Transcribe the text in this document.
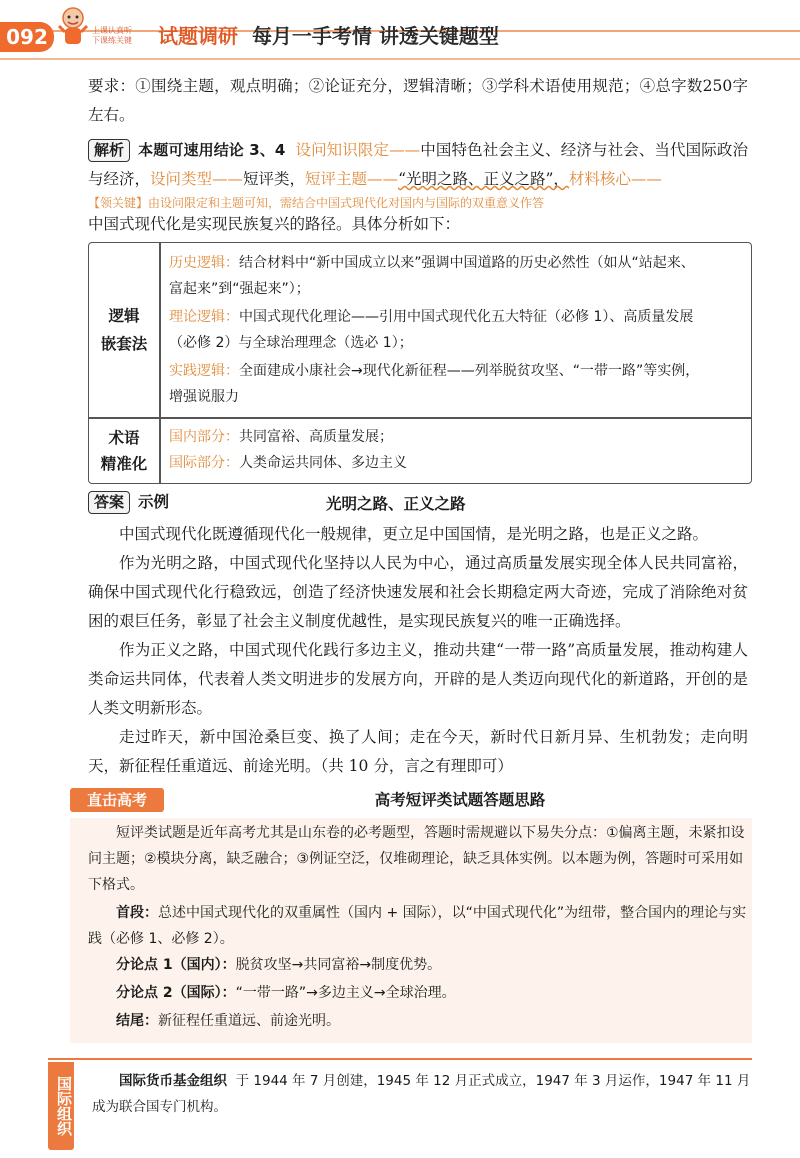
092	上课认真听
下课练关键 试题调研 每月一手考情 讲透关键题型
要求：①围绕主题，观点明确；②论证充分，逻辑清晰；③学科术语使用规范；④总字数250字左右。
解析 本题可速用结论 3、4 设问知识限定——中国特色社会主义、经济与社会、当代国际政治与经济，设问类型——短评类，短评主题——“光明之路、正义之路”，材料核心——
【领关键】由设问限定和主题可知，需结合中国式现代化对国内与国际的双重意义作答
中国式现代化是实现民族复兴的路径。具体分析如下：
逻辑
嵌套法
历史逻辑：结合材料中“新中国成立以来”强调中国道路的历史必然性（如从“站起来、
富起来”到“强起来”）；
理论逻辑：中国式现代化理论——引用中国式现代化五大特征（必修 1）、高质量发展
（必修 2）与全球治理理念（选必 1）；
实践逻辑：全面建成小康社会→现代化新征程——列举脱贫攻坚、“一带一路”等实例，
增强说服力
术语
精准化
国内部分：共同富裕、高质量发展；
国际部分：人类命运共同体、多边主义
答案 示例	光明之路、正义之路
中国式现代化既遵循现代化一般规律，更立足中国国情，是光明之路，也是正义之路。
作为光明之路，中国式现代化坚持以人民为中心，通过高质量发展实现全体人民共同富裕，确保中国式现代化行稳致远，创造了经济快速发展和社会长期稳定两大奇迹，完成了消除绝对贫困的艰巨任务，彰显了社会主义制度优越性，是实现民族复兴的唯一正确选择。
作为正义之路，中国式现代化践行多边主义，推动共建“一带一路”高质量发展，推动构建人类命运共同体，代表着人类文明进步的发展方向，开辟的是人类迈向现代化的新道路，开创的是人类文明新形态。
走过昨天，新中国沧桑巨变、换了人间；走在今天，新时代日新月异、生机勃发；走向明天，新征程任重道远、前途光明。（共 10 分，言之有理即可）
直击高考	高考短评类试题答题思路
短评类试题是近年高考尤其是山东卷的必考题型，答题时需规避以下易失分点：①偏离主题，未紧扣设问主题；②模块分离，缺乏融合；③例证空泛，仅堆砌理论，缺乏具体实例。以本题为例，答题时可采用如下格式。
首段：总述中国式现代化的双重属性（国内 + 国际），以“中国式现代化”为纽带，整合国内的理论与实践（必修 1、必修 2）。
分论点 1（国内）：脱贫攻坚→共同富裕→制度优势。
分论点 2（国际）：“一带一路”→多边主义→全球治理。
结尾：新征程任重道远、前途光明。
国际组织	国际货币基金组织 于 1944 年 7 月创建，1945 年 12 月正式成立，1947 年 3 月运作，1947 年 11 月成为联合国专门机构。
